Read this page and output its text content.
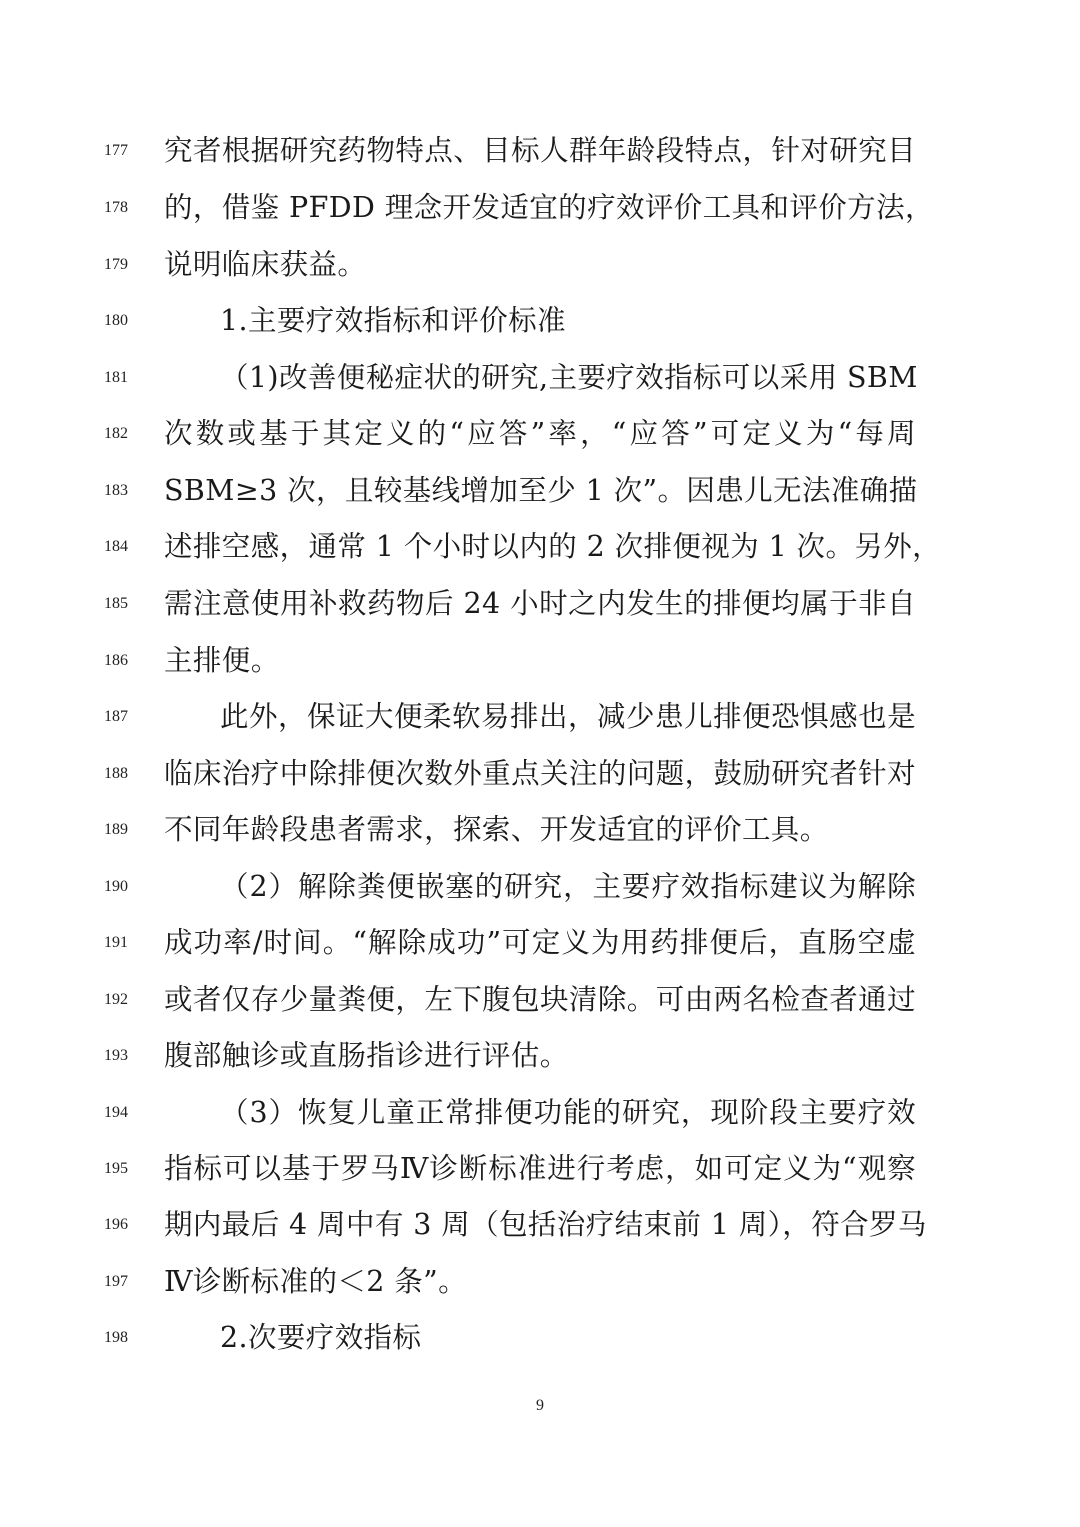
177	究者根据研究药物特点、目标人群年龄段特点，针对研究目
178	的，借鉴 PFDD 理念开发适宜的疗效评价工具和评价方法，
179	说明临床获益。
180	1.主要疗效指标和评价标准
181	（1)改善便秘症状的研究,主要疗效指标可以采用 SBM
182	次数或基于其定义的“应答”率，“应答”可定义为“每周
183	SBM≥3 次，且较基线增加至少 1 次”。因患儿无法准确描
184	述排空感，通常 1 个小时以内的 2 次排便视为 1 次。另外，
185	需注意使用补救药物后 24 小时之内发生的排便均属于非自
186	主排便。
187	此外，保证大便柔软易排出，减少患儿排便恐惧感也是
188	临床治疗中除排便次数外重点关注的问题，鼓励研究者针对
189	不同年龄段患者需求，探索、开发适宜的评价工具。
190	（2）解除粪便嵌塞的研究，主要疗效指标建议为解除
191	成功率/时间。“解除成功”可定义为用药排便后，直肠空虚
192	或者仅存少量粪便，左下腹包块清除。可由两名检查者通过
193	腹部触诊或直肠指诊进行评估。
194	（3）恢复儿童正常排便功能的研究，现阶段主要疗效
195	指标可以基于罗马Ⅳ诊断标准进行考虑，如可定义为“观察
196	期内最后 4 周中有 3 周（包括治疗结束前 1 周），符合罗马
197	Ⅳ诊断标准的＜2 条”。
198	2.次要疗效指标
9
